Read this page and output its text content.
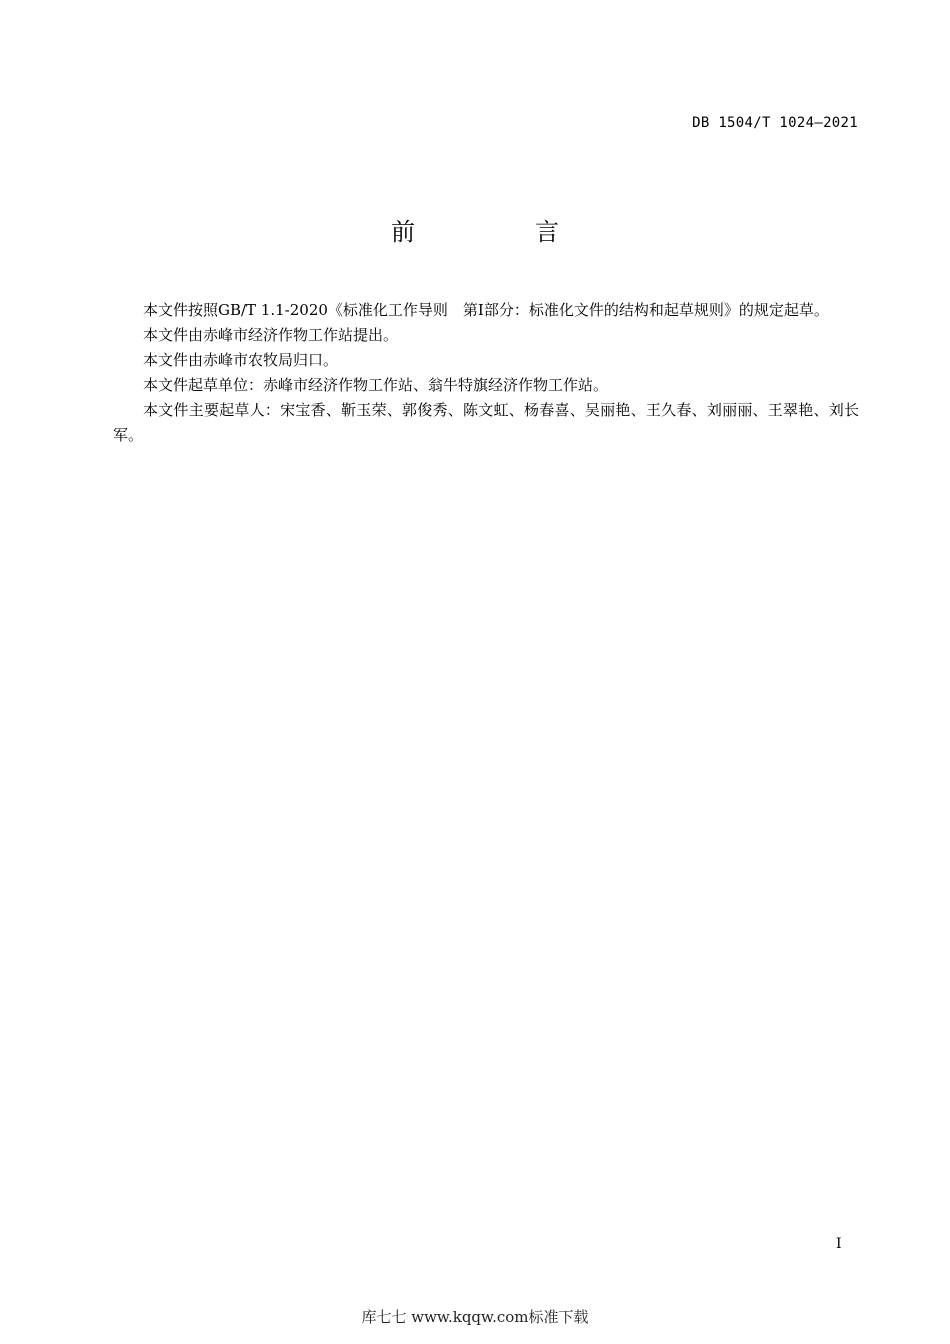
DB 1504/T 1024—2021
前　言

本文件按照GB/T 1.1-2020《标准化工作导则　第I部分：标准化文件的结构和起草规则》的规定起草。

本文件由赤峰市经济作物工作站提出。

本文件由赤峰市农牧局归口。

本文件起草单位：赤峰市经济作物工作站、翁牛特旗经济作物工作站。

本文件主要起草人：宋宝香、靳玉荣、郭俊秀、陈文虹、杨春喜、吴丽艳、王久春、刘丽丽、王翠艳、刘长军。

I
库七七 www.kqqw.com标准下载
